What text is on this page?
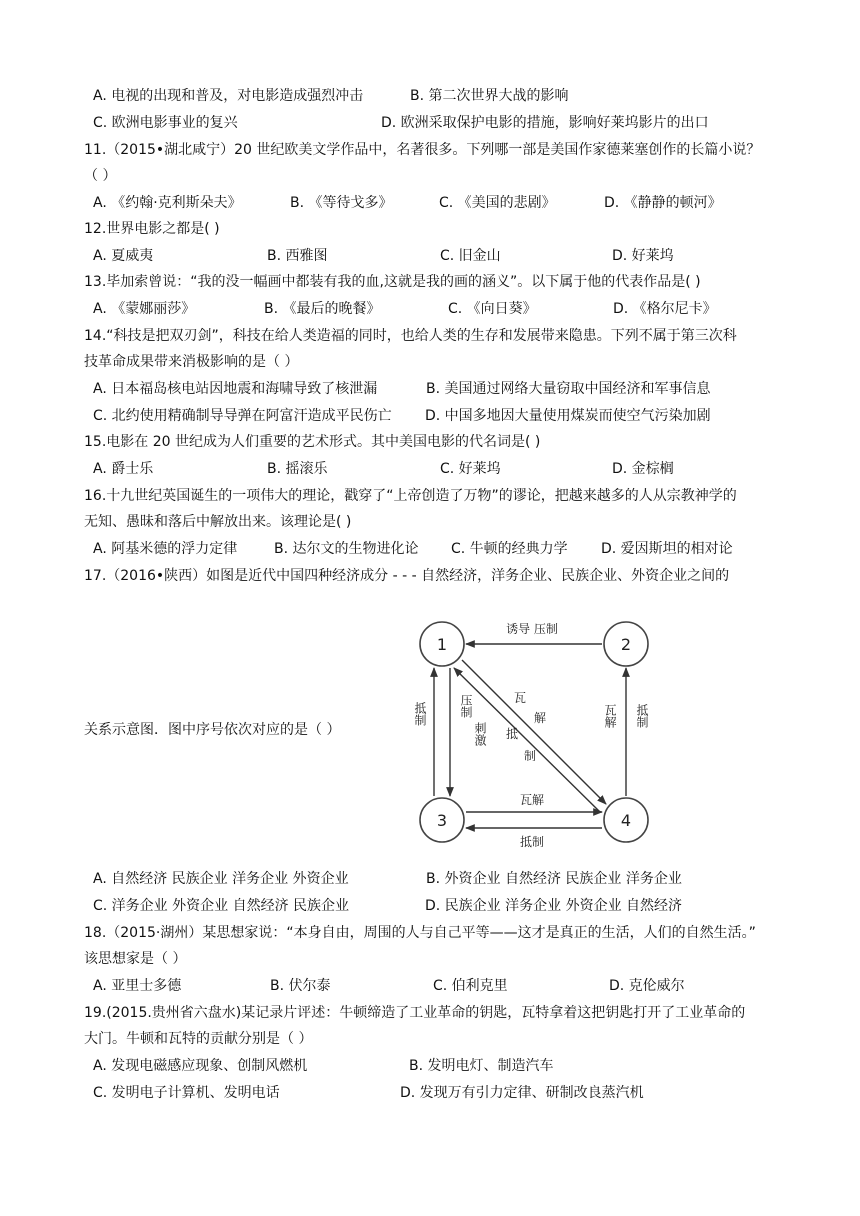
A. 电视的出现和普及，对电影造成强烈冲击	B. 第二次世界大战的影响
C. 欧洲电影事业的复兴	D. 欧洲采取保护电影的措施，影响好莱坞影片的出口
11.（2015•湖北咸宁）20 世纪欧美文学作品中，名著很多。下列哪一部是美国作家德莱塞创作的长篇小说？
（ ）
A. 《约翰·克利斯朵夫》	B. 《等待戈多》	C. 《美国的悲剧》	D. 《静静的顿河》
12.世界电影之都是( )
A. 夏威夷	B. 西雅图	C. 旧金山	D. 好莱坞
13.毕加索曾说：“我的没一幅画中都装有我的血,这就是我的画的涵义”。以下属于他的代表作品是( )
A. 《蒙娜丽莎》	B. 《最后的晚餐》	C. 《向日葵》	D. 《格尔尼卡》
14.“科技是把双刃剑”，科技在给人类造福的同时，也给人类的生存和发展带来隐患。下列不属于第三次科
技革命成果带来消极影响的是（ ）
A. 日本福岛核电站因地震和海啸导致了核泄漏	B. 美国通过网络大量窃取中国经济和军事信息
C. 北约使用精确制导导弹在阿富汗造成平民伤亡 D. 中国多地因大量使用煤炭而使空气污染加剧
15.电影在 20 世纪成为人们重要的艺术形式。其中美国电影的代名词是( )
A. 爵士乐	B. 摇滚乐	C. 好莱坞	D. 金棕榈
16.十九世纪英国诞生的一项伟大的理论，戳穿了“上帝创造了万物”的谬论，把越来越多的人从宗教神学的
无知、愚昧和落后中解放出来。该理论是( )
A. 阿基米德的浮力定律	B. 达尔文的生物进化论 C. 牛顿的经典力学 D. 爱因斯坦的相对论
17.（2016•陕西）如图是近代中国四种经济成分 - - - 自然经济，洋务企业、民族企业、外资企业之间的
关系示意图．图中序号依次对应的是（ ）
1	2
3	4
诱导 压制
抵制	压制
刺激
瓦解 抵制
瓦
解
抵
制
瓦解
抵制
A. 自然经济 民族企业 洋务企业 外资企业	B. 外资企业 自然经济 民族企业 洋务企业
C. 洋务企业 外资企业 自然经济 民族企业	D. 民族企业 洋务企业 外资企业 自然经济
18.（2015·湖州）某思想家说：“本身自由，周围的人与自己平等——这才是真正的生活，人们的自然生活。”
该思想家是（ ）
A. 亚里士多德	B. 伏尔泰	C. 伯利克里	D. 克伦威尔
19.(2015.贵州省六盘水)某记录片评述：牛顿缔造了工业革命的钥匙，瓦特拿着这把钥匙打开了工业革命的
大门。牛顿和瓦特的贡献分别是（ ）
A. 发现电磁感应现象、创制风燃机	B. 发明电灯、制造汽车
C. 发明电子计算机、发明电话	D. 发现万有引力定律、研制改良蒸汽机
